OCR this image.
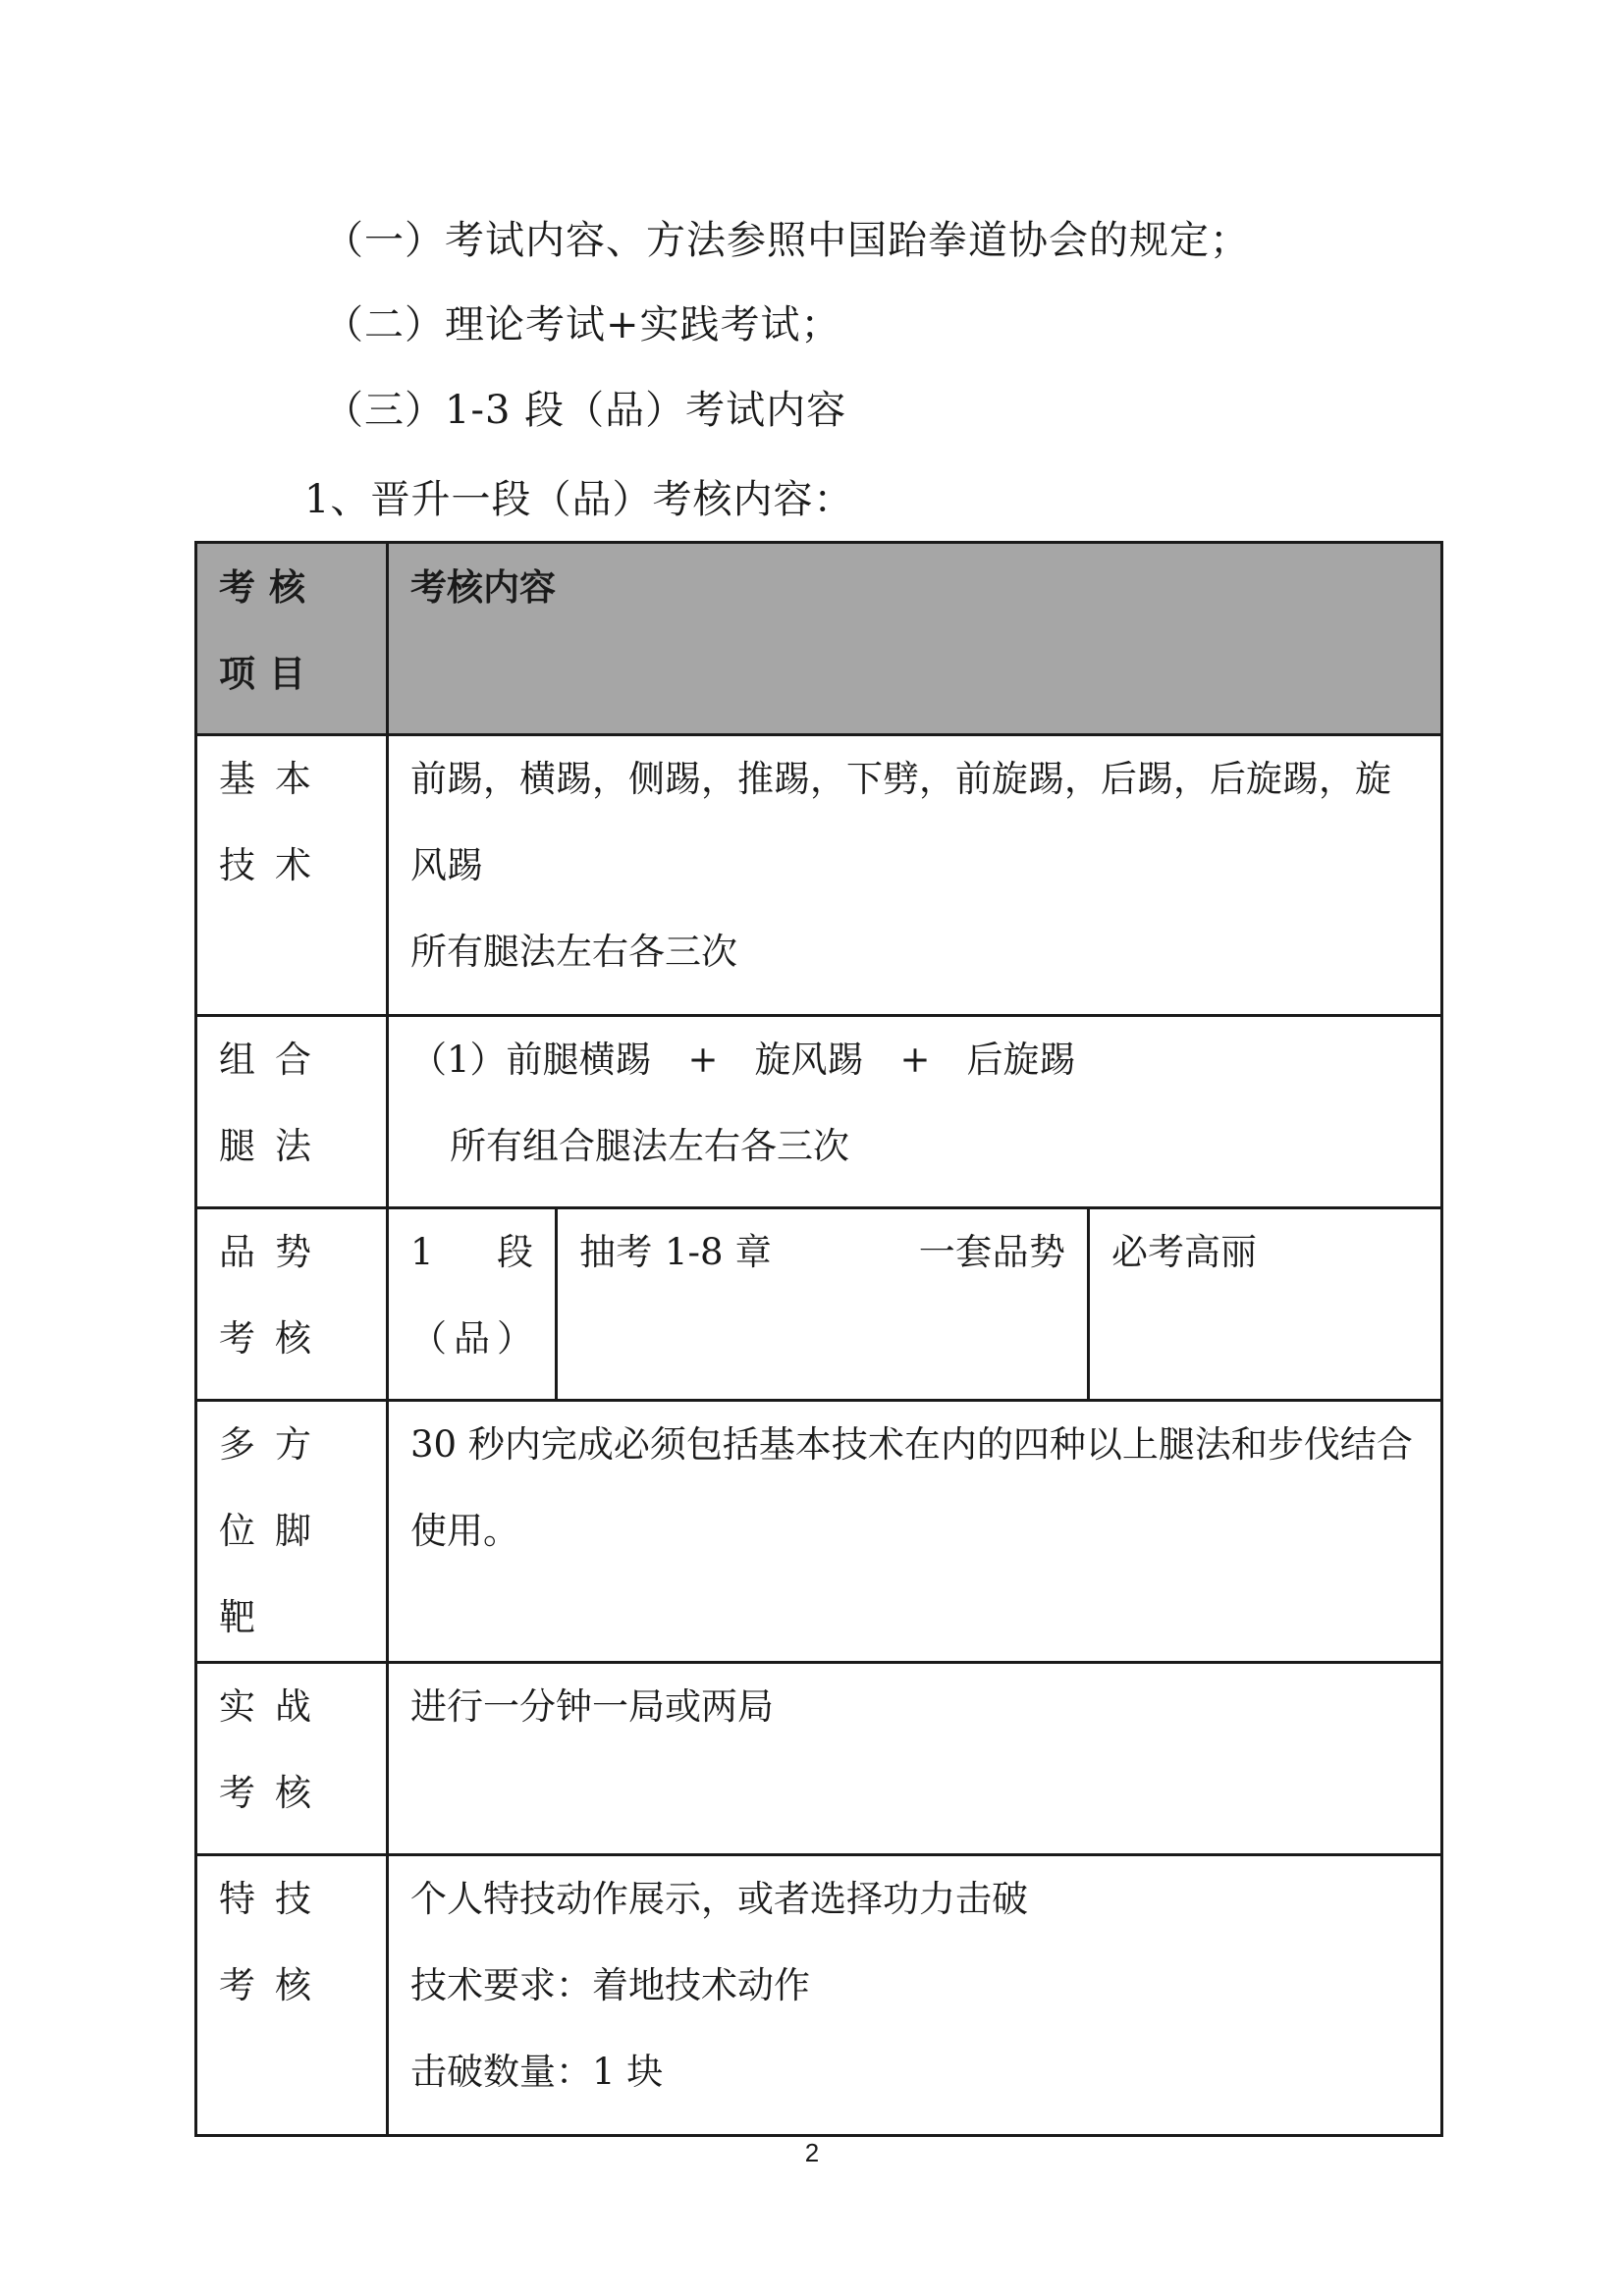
（一）考试内容、方法参照中国跆拳道协会的规定；
（二）理论考试+实践考试；
（三）1-3 段（品）考试内容
1、晋升一段（品）考核内容：
考核项目	考核内容		
基本技术	前踢，横踢，侧踢，推踢，下劈，前旋踢，后踢，后旋踢，旋风踢
所有腿法左右各三次		

组合腿法	（1）前腿横踢　+　旋风踢　+　后旋踢
所有组合腿法左右各三次		

品势考核	1　段（品）	抽考 1-8 章　　　　一套品势	必考高丽
多方位脚靶	30 秒内完成必须包括基本技术在内的四种以上腿法和步伐结合使用。		
实战考核	进行一分钟一局或两局		
特技考核	个人特技动作展示，或者选择功力击破
技术要求：着地技术动作
击破数量：1 块		
2
